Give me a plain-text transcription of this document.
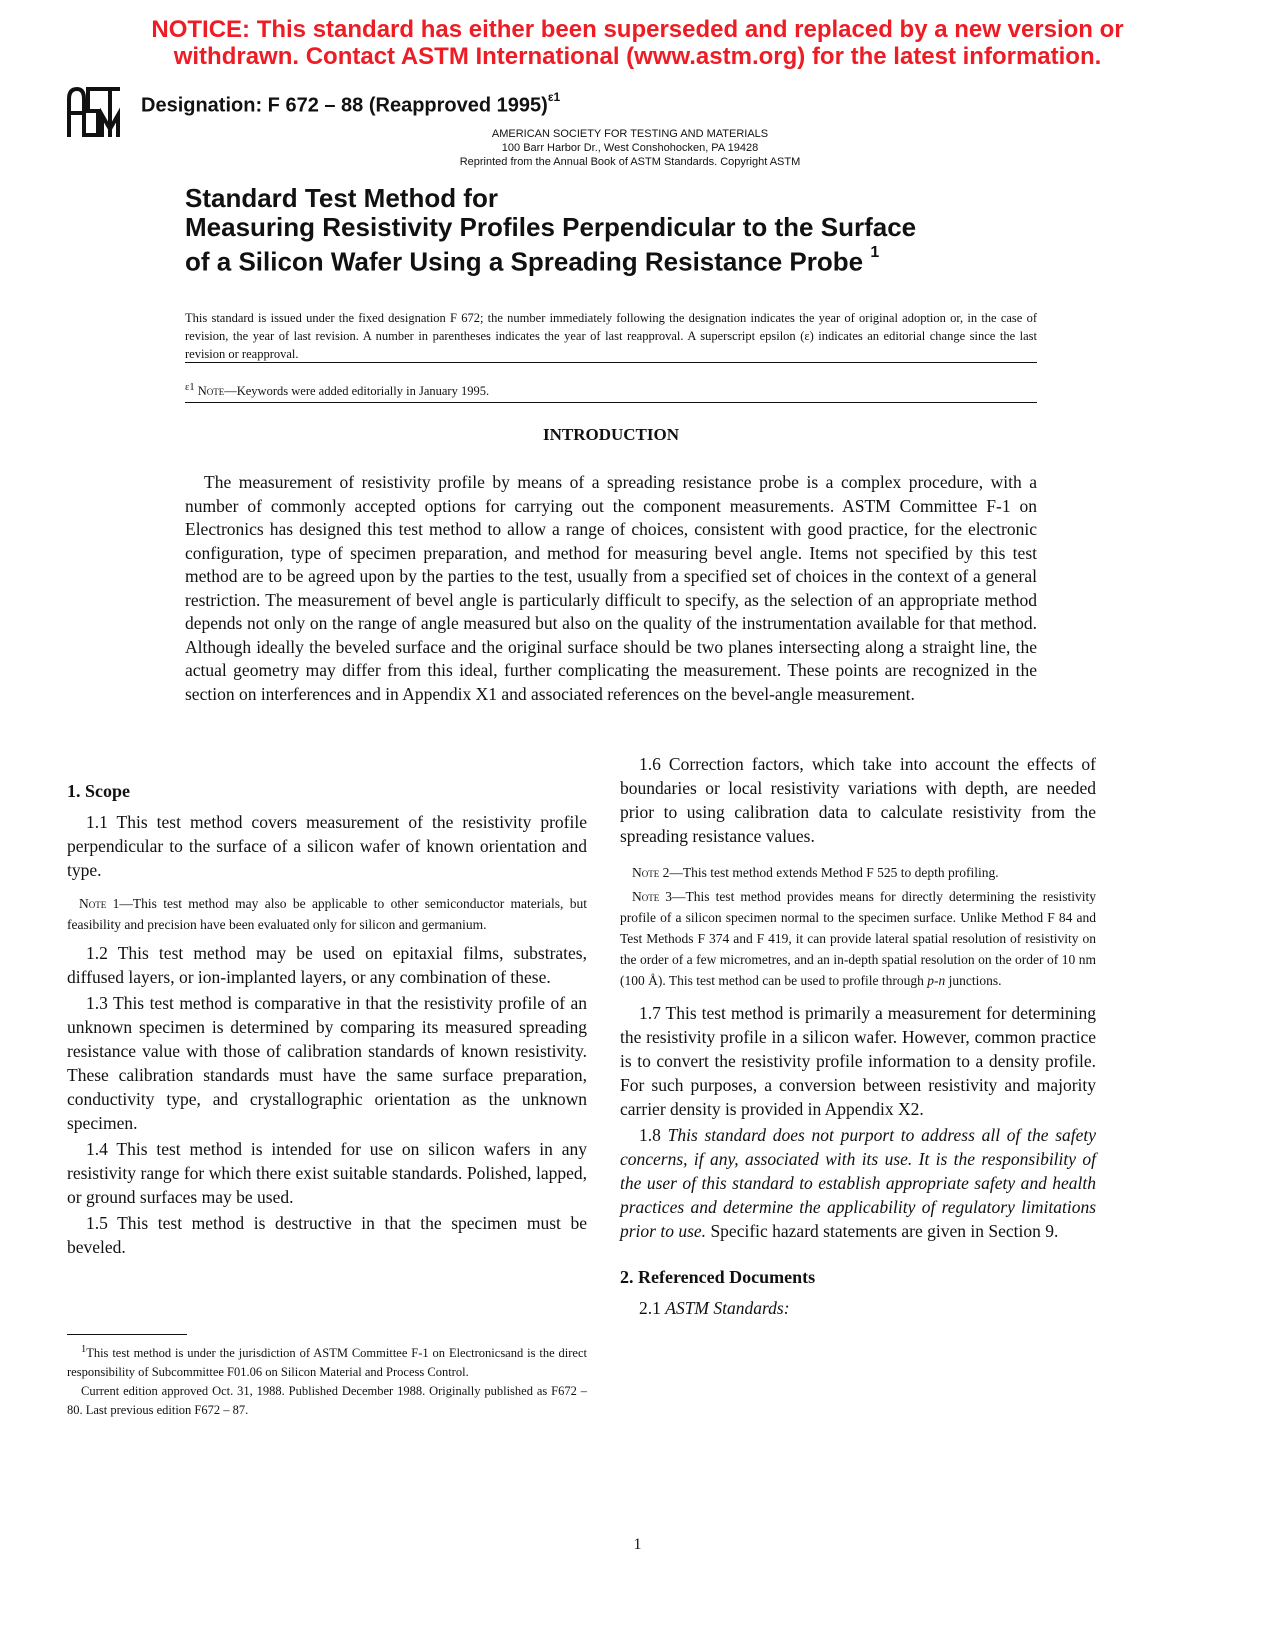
NOTICE: This standard has either been superseded and replaced by a new version or
withdrawn. Contact ASTM International (www.astm.org) for the latest information.
Designation: F 672 – 88 (Reapproved 1995)$^{\varepsilon 1}$
AMERICAN SOCIETY FOR TESTING AND MATERIALS
100 Barr Harbor Dr., West Conshohocken, PA 19428
Reprinted from the Annual Book of ASTM Standards. Copyright ASTM
Standard Test Method for
Measuring Resistivity Profiles Perpendicular to the Surface
of a Silicon Wafer Using a Spreading Resistance Probe $^1$

This standard is issued under the fixed designation F 672; the number immediately following the designation indicates the year of original adoption or, in the case of revision, the year of last revision. A number in parentheses indicates the year of last reapproval. A superscript epsilon (ε) indicates an editorial change since the last revision or reapproval.

$^{\varepsilon 1}$ Note—Keywords were added editorially in January 1995.
INTRODUCTION

The measurement of resistivity profile by means of a spreading resistance probe is a complex procedure, with a number of commonly accepted options for carrying out the component measurements. ASTM Committee F-1 on Electronics has designed this test method to allow a range of choices, consistent with good practice, for the electronic configuration, type of specimen preparation, and method for measuring bevel angle. Items not specified by this test method are to be agreed upon by the parties to the test, usually from a specified set of choices in the context of a general restriction. The measurement of bevel angle is particularly difficult to specify, as the selection of an appropriate method depends not only on the range of angle measured but also on the quality of the instrumentation available for that method. Although ideally the beveled surface and the original surface should be two planes intersecting along a straight line, the actual geometry may differ from this ideal, further complicating the measurement. These points are recognized in the section on interferences and in Appendix X1 and associated references on the bevel-angle measurement.

1. Scope

1.1 This test method covers measurement of the resistivity profile perpendicular to the surface of a silicon wafer of known orientation and type.

Note 1—This test method may also be applicable to other semiconductor materials, but feasibility and precision have been evaluated only for silicon and germanium.

1.2 This test method may be used on epitaxial films, substrates, diffused layers, or ion-implanted layers, or any combination of these.

1.3 This test method is comparative in that the resistivity profile of an unknown specimen is determined by comparing its measured spreading resistance value with those of calibration standards of known resistivity. These calibration standards must have the same surface preparation, conductivity type, and crystallographic orientation as the unknown specimen.

1.4 This test method is intended for use on silicon wafers in any resistivity range for which there exist suitable standards. Polished, lapped, or ground surfaces may be used.

1.5 This test method is destructive in that the specimen must be beveled.

$^1$This test method is under the jurisdiction of ASTM Committee F-1 on Electronicsand is the direct responsibility of Subcommittee F01.06 on Silicon Material and Process Control.

Current edition approved Oct. 31, 1988. Published December 1988. Originally published as F672 – 80. Last previous edition F672 – 87.

1.6 Correction factors, which take into account the effects of boundaries or local resistivity variations with depth, are needed prior to using calibration data to calculate resistivity from the spreading resistance values.

Note 2—This test method extends Method F 525 to depth profiling.

Note 3—This test method provides means for directly determining the resistivity profile of a silicon specimen normal to the specimen surface. Unlike Method F 84 and Test Methods F 374 and F 419, it can provide lateral spatial resolution of resistivity on the order of a few micrometres, and an in-depth spatial resolution on the order of 10 nm (100 Å). This test method can be used to profile through p-n junctions.

1.7 This test method is primarily a measurement for determining the resistivity profile in a silicon wafer. However, common practice is to convert the resistivity profile information to a density profile. For such purposes, a conversion between resistivity and majority carrier density is provided in Appendix X2.

1.8 This standard does not purport to address all of the safety concerns, if any, associated with its use. It is the responsibility of the user of this standard to establish appropriate safety and health practices and determine the applicability of regulatory limitations prior to use. Specific hazard statements are given in Section 9.

2. Referenced Documents

2.1 ASTM Standards:

1
